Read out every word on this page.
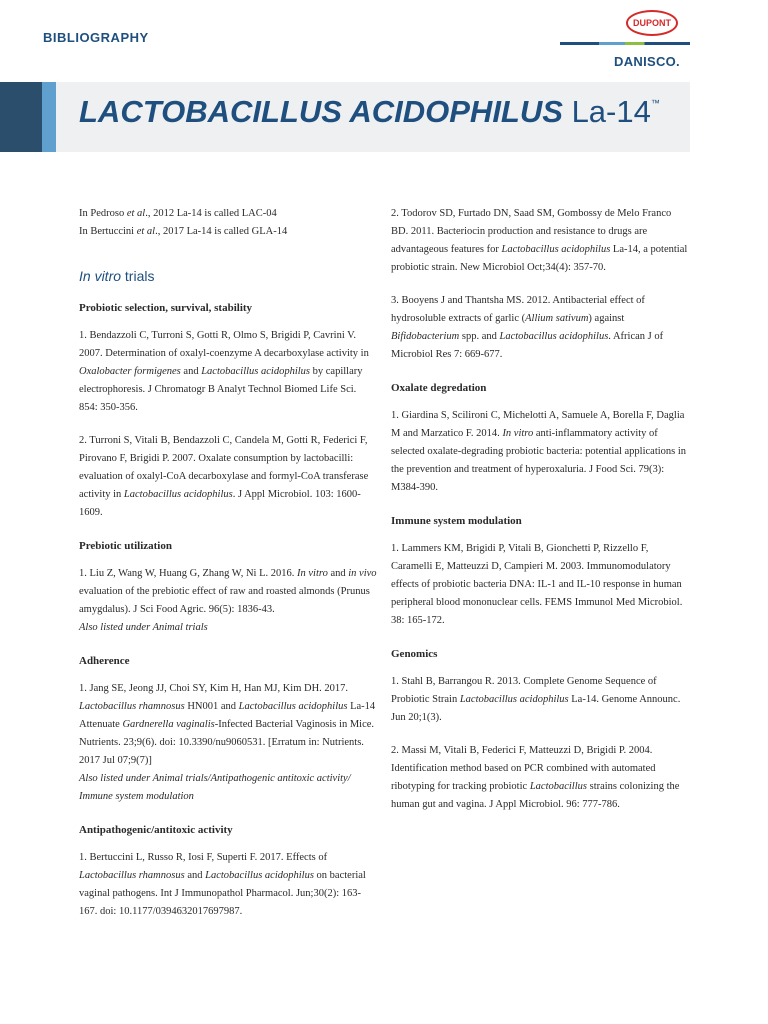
BIBLIOGRAPHY
DUPONT
DANISCO.
LACTOBACILLUS ACIDOPHILUS La-14™

In Pedroso et al., 2012 La-14 is called LAC-04

In Bertuccini et al., 2017 La-14 is called GLA-14

In vitro trials
Probiotic selection, survival, stability
1. Bendazzoli C, Turroni S, Gotti R, Olmo S, Brigidi P, Cavrini V. 2007. Determination of oxalyl-coenzyme A decarboxylase activity in Oxalobacter formigenes and Lactobacillus acidophilus by capillary electrophoresis. J Chromatogr B Analyt Technol Biomed Life Sci. 854: 350-356.
2. Turroni S, Vitali B, Bendazzoli C, Candela M, Gotti R, Federici F, Pirovano F, Brigidi P. 2007. Oxalate consumption by lactobacilli: evaluation of oxalyl-CoA decarboxylase and formyl-CoA transferase activity in Lactobacillus acidophilus. J Appl Microbiol. 103: 1600-1609.
Prebiotic utilization
1. Liu Z, Wang W, Huang G, Zhang W, Ni L. 2016. In vitro and in vivo evaluation of the prebiotic effect of raw and roasted almonds (Prunus amygdalus). J Sci Food Agric. 96(5): 1836-43.
Also listed under Animal trials
Adherence
1. Jang SE, Jeong JJ, Choi SY, Kim H, Han MJ, Kim DH. 2017. Lactobacillus rhamnosus HN001 and Lactobacillus acidophilus La-14 Attenuate Gardnerella vaginalis-Infected Bacterial Vaginosis in Mice. Nutrients. 23;9(6). doi: 10.3390/nu9060531. [Erratum in: Nutrients. 2017 Jul 07;9(7)]
Also listed under Animal trials/Antipathogenic antitoxic activity/ Immune system modulation
Antipathogenic/antitoxic activity
1. Bertuccini L, Russo R, Iosi F, Superti F. 2017. Effects of Lactobacillus rhamnosus and Lactobacillus acidophilus on bacterial vaginal pathogens. Int J Immunopathol Pharmacol. Jun;30(2): 163-167. doi: 10.1177/0394632017697987.
2. Todorov SD, Furtado DN, Saad SM, Gombossy de Melo Franco BD. 2011. Bacteriocin production and resistance to drugs are advantageous features for Lactobacillus acidophilus La-14, a potential probiotic strain. New Microbiol Oct;34(4): 357-70.
3. Booyens J and Thantsha MS. 2012. Antibacterial effect of hydrosoluble extracts of garlic (Allium sativum) against Bifidobacterium spp. and Lactobacillus acidophilus. African J of Microbiol Res 7: 669-677.
Oxalate degredation
1. Giardina S, Scilironi C, Michelotti A, Samuele A, Borella F, Daglia M and Marzatico F. 2014. In vitro anti-inflammatory activity of selected oxalate-degrading probiotic bacteria: potential applications in the prevention and treatment of hyperoxaluria. J Food Sci. 79(3): M384-390.
Immune system modulation
1. Lammers KM, Brigidi P, Vitali B, Gionchetti P, Rizzello F, Caramelli E, Matteuzzi D, Campieri M. 2003. Immunomodulatory effects of probiotic bacteria DNA: IL-1 and IL-10 response in human peripheral blood mononuclear cells. FEMS Immunol Med Microbiol. 38: 165-172.
Genomics
1. Stahl B, Barrangou R. 2013. Complete Genome Sequence of Probiotic Strain Lactobacillus acidophilus La-14. Genome Announc. Jun 20;1(3).
2. Massi M, Vitali B, Federici F, Matteuzzi D, Brigidi P. 2004. Identification method based on PCR combined with automated ribotyping for tracking probiotic Lactobacillus strains colonizing the human gut and vagina. J Appl Microbiol. 96: 777-786.
